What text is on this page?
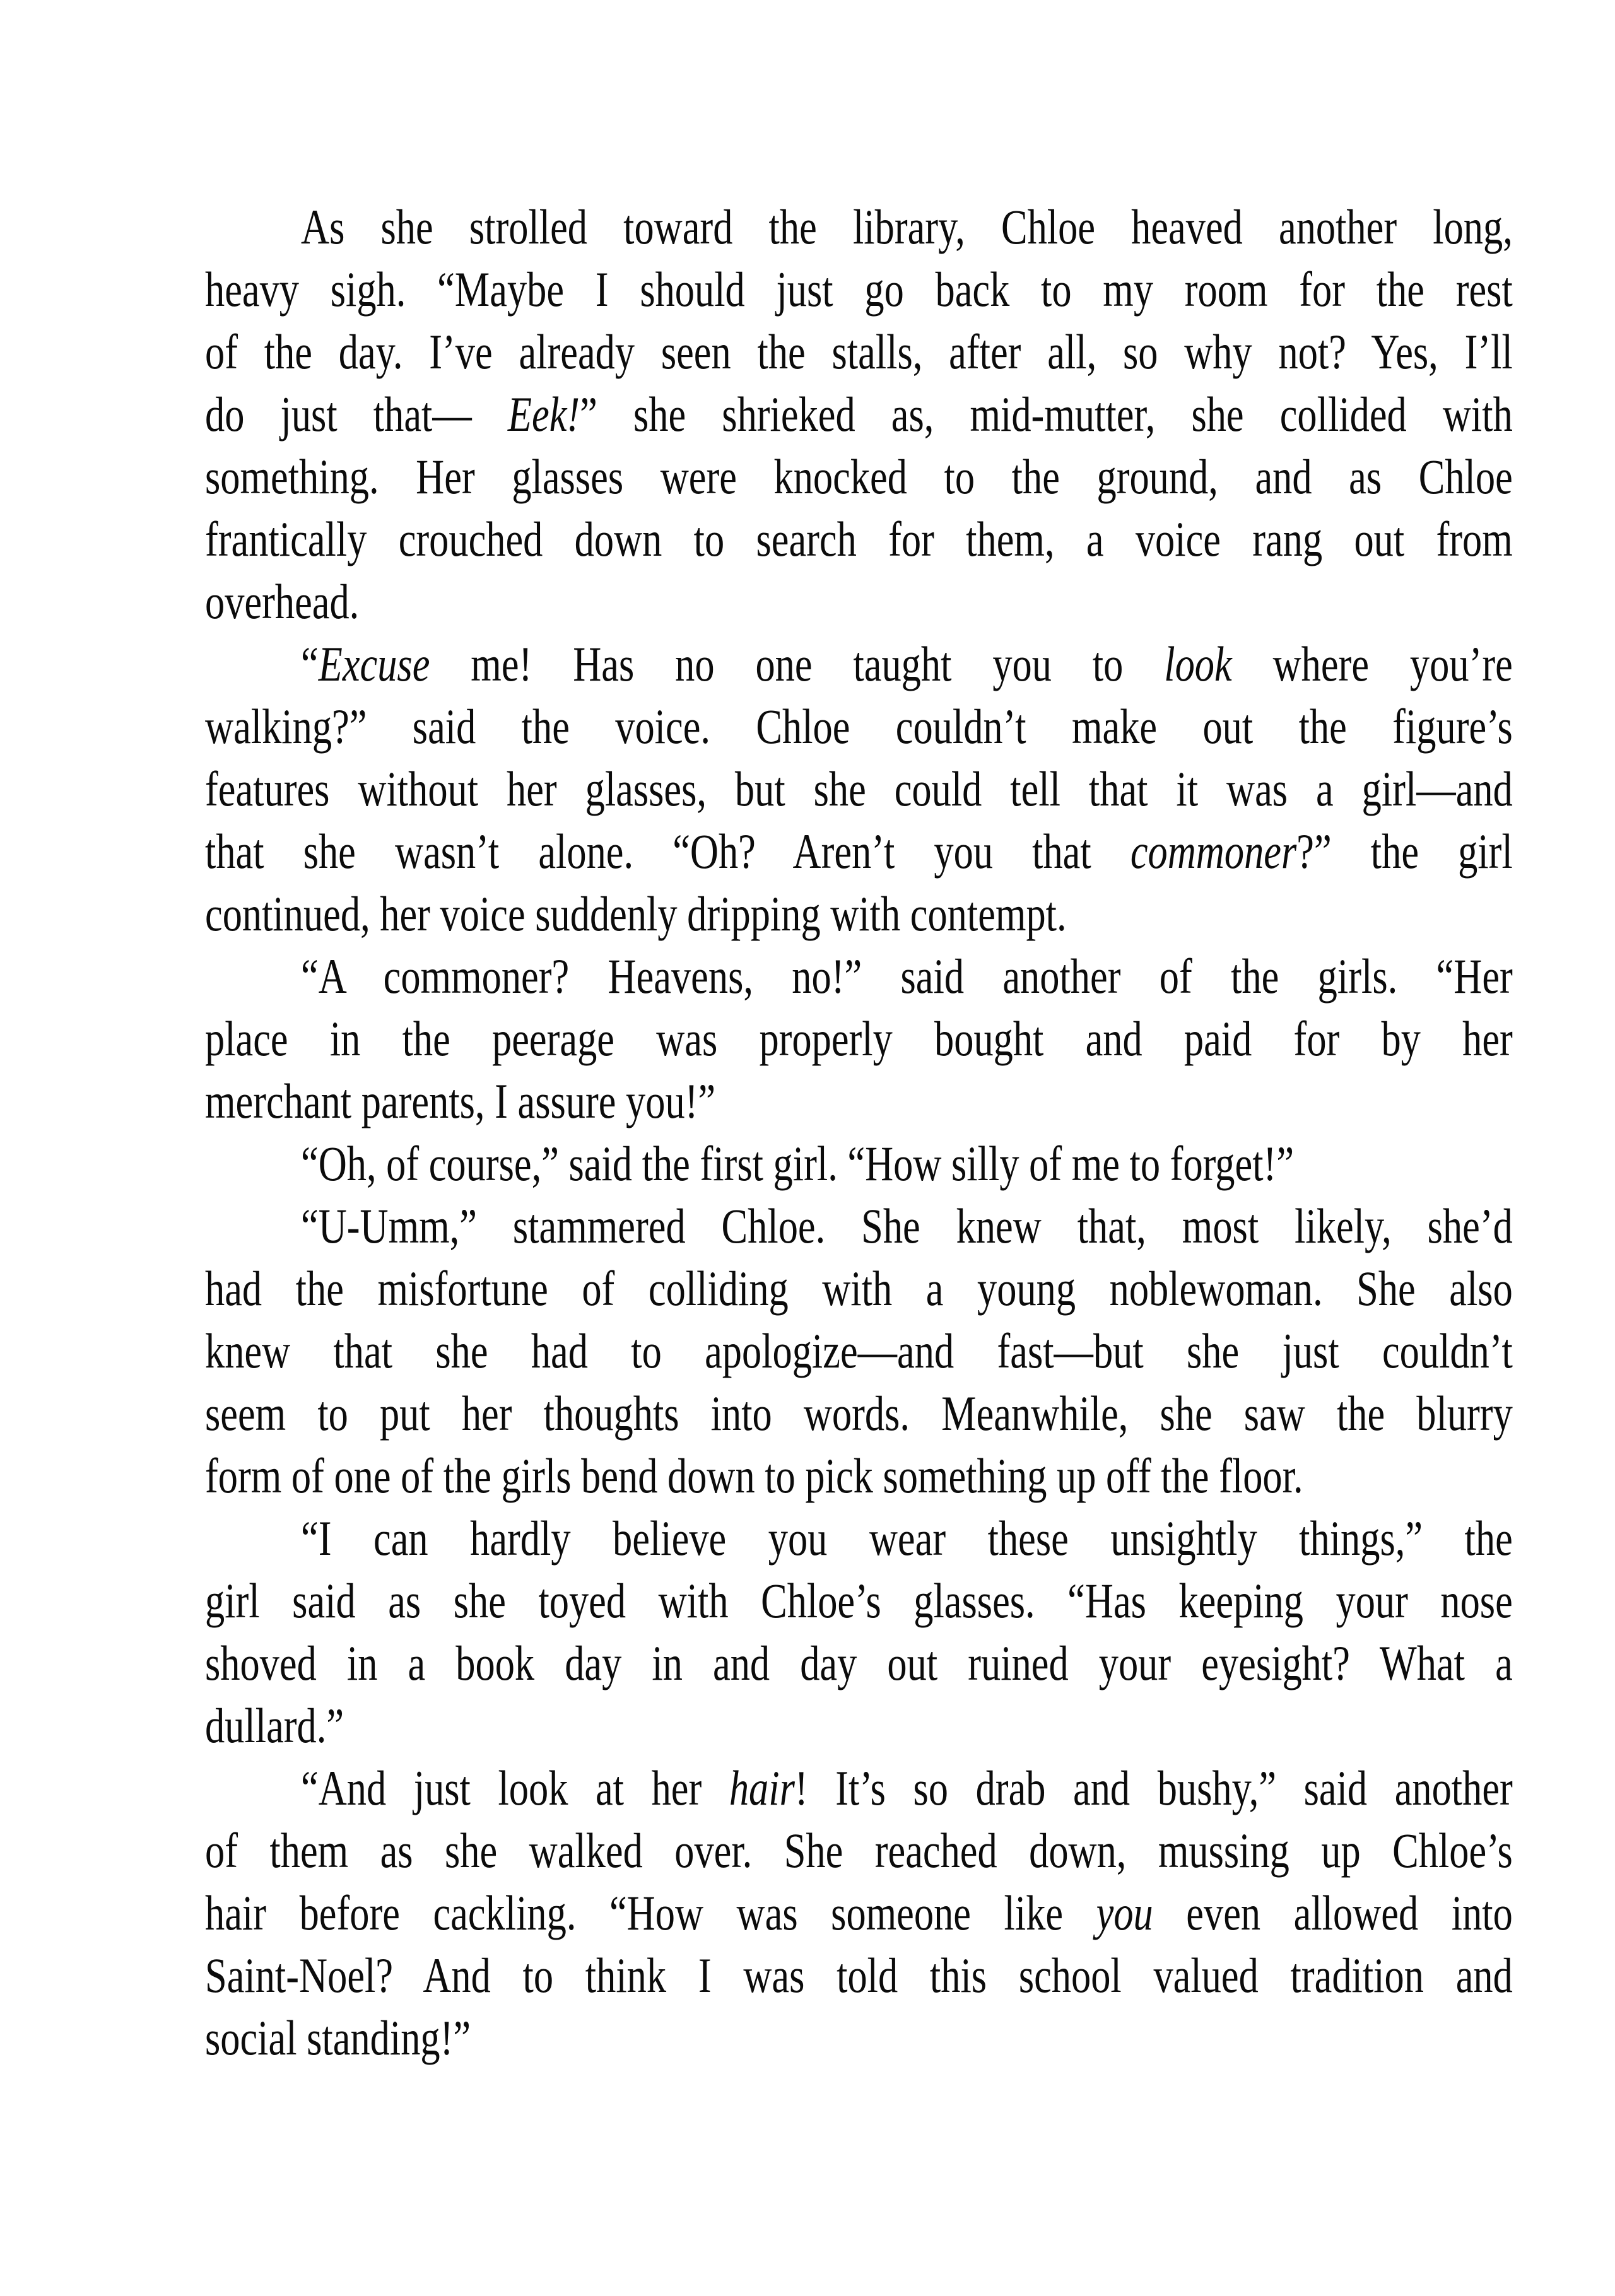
As she strolled toward the library, Chloe heaved another long,
heavy sigh. “Maybe I should just go back to my room for the rest
of the day. I’ve already seen the stalls, after all, so why not? Yes, I’ll
do just that— Eek!” she shrieked as, mid-mutter, she collided with
something. Her glasses were knocked to the ground, and as Chloe
frantically crouched down to search for them, a voice rang out from
overhead.
“Excuse me! Has no one taught you to look where you’re
walking?” said the voice. Chloe couldn’t make out the figure’s
features without her glasses, but she could tell that it was a girl—and
that she wasn’t alone. “Oh? Aren’t you that commoner?” the girl
continued, her voice suddenly dripping with contempt.
“A commoner? Heavens, no!” said another of the girls. “Her
place in the peerage was properly bought and paid for by her
merchant parents, I assure you!”
“Oh, of course,” said the first girl. “How silly of me to forget!”
“U-Umm,” stammered Chloe. She knew that, most likely, she’d
had the misfortune of colliding with a young noblewoman. She also
knew that she had to apologize—and fast—but she just couldn’t
seem to put her thoughts into words. Meanwhile, she saw the blurry
form of one of the girls bend down to pick something up off the floor.
“I can hardly believe you wear these unsightly things,” the
girl said as she toyed with Chloe’s glasses. “Has keeping your nose
shoved in a book day in and day out ruined your eyesight? What a
dullard.”
“And just look at her hair! It’s so drab and bushy,” said another
of them as she walked over. She reached down, mussing up Chloe’s
hair before cackling. “How was someone like you even allowed into
Saint-Noel? And to think I was told this school valued tradition and
social standing!”
